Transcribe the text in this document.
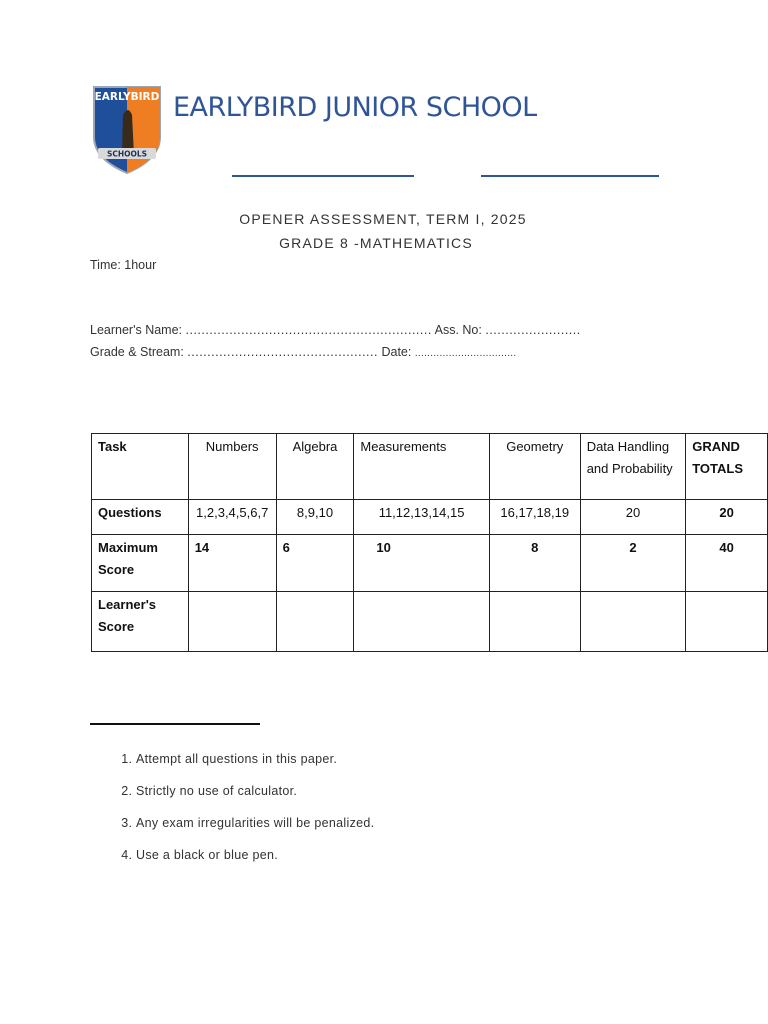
EARLYBIRD
SCHOOLS
EARLYBIRD JUNIOR SCHOOL
OPENER ASSESSMENT, TERM I, 2025
GRADE 8 -MATHEMATICS
Time: 1hour
Learner's Name: .............................................................. Ass. No: ........................
Grade & Stream: ................................................ Date: .................................
Task	Numbers	Algebra	Measurements	Geometry	Data Handling and Probability	GRAND TOTALS
Questions	1,2,3,4,5,6,7	8,9,10	11,12,13,14,15	16,17,18,19	20	20
Maximum Score	14	6	10	8	2	40
Learner's Score						
1. Attempt all questions in this paper.
2. Strictly no use of calculator.
3. Any exam irregularities will be penalized.
4. Use a black or blue pen.
